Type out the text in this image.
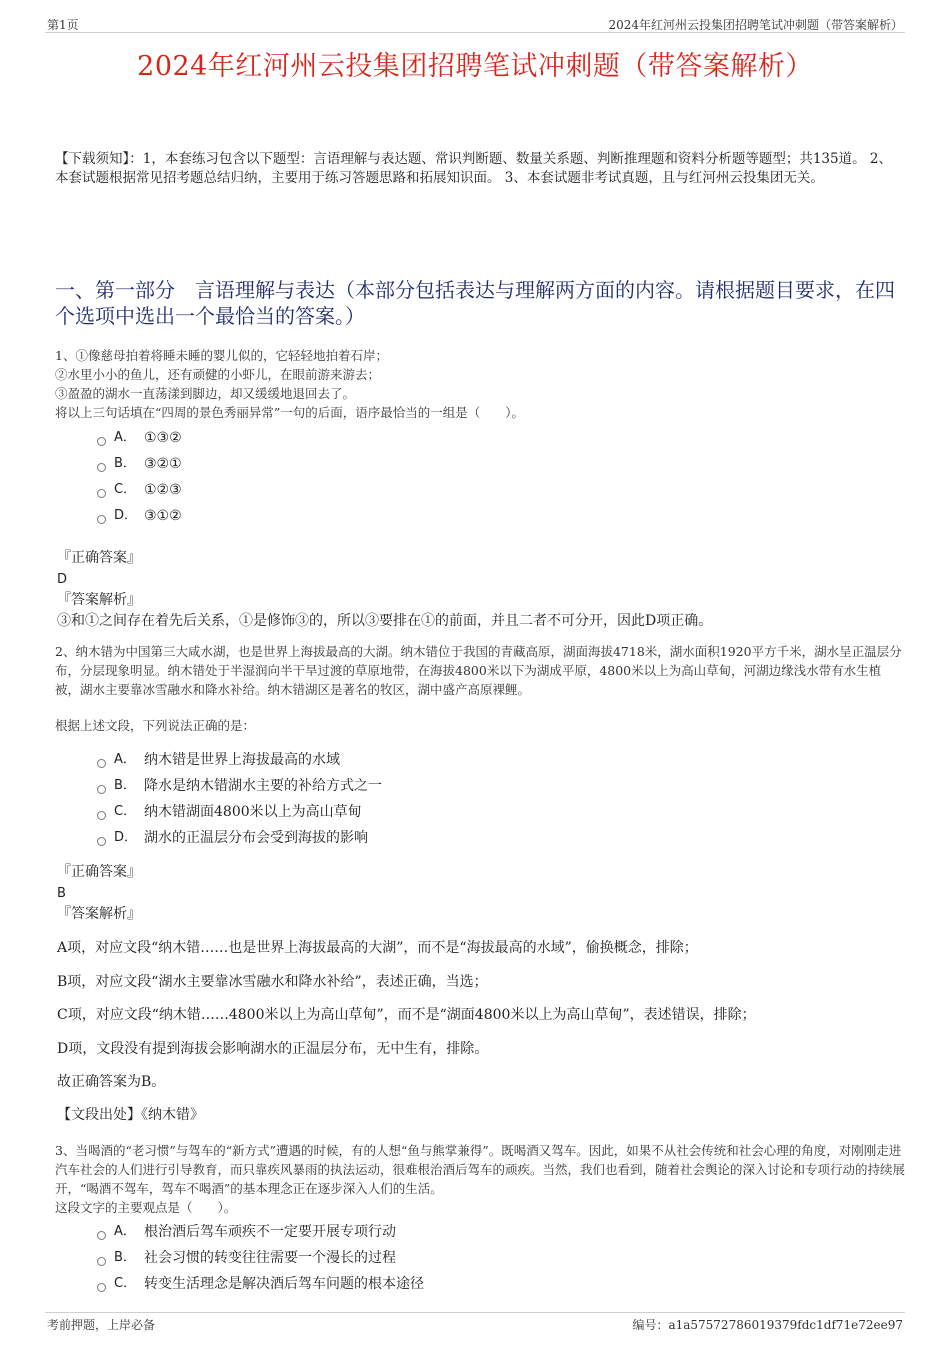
第1页	2024年红河州云投集团招聘笔试冲刺题（带答案解析）
2024年红河州云投集团招聘笔试冲刺题（带答案解析）
【下载须知】：1，本套练习包含以下题型：言语理解与表达题、常识判断题、数量关系题、判断推理题和资料分析题等题型；共135道。 2、本套试题根据常见招考题总结归纳，主要用于练习答题思路和拓展知识面。 3、本套试题非考试真题，且与红河州云投集团无关。
一、第一部分　言语理解与表达（本部分包括表达与理解两方面的内容。请根据题目要求，在四个选项中选出一个最恰当的答案。）

1、①像慈母拍着将睡未睡的婴儿似的，它轻轻地拍着石岸；

②水里小小的鱼儿，还有顽健的小虾儿，在眼前游来游去；

③盈盈的湖水一直荡漾到脚边，却又缓缓地退回去了。

将以上三句话填在“四周的景色秀丽异常”一句的后面，语序最恰当的一组是（　　）。

A． ①③②
B． ③②①
C． ①②③
D． ③①②
『正确答案』
D
『答案解析』
③和①之间存在着先后关系，①是修饰③的，所以③要排在①的前面，并且二者不可分开，因此D项正确。

2、纳木错为中国第三大咸水湖，也是世界上海拔最高的大湖。纳木错位于我国的青藏高原，湖面海拔4718米，湖水面积1920平方千米，湖水呈正温层分布，分层现象明显。纳木错处于半湿润向半干旱过渡的草原地带，在海拔4800米以下为湖成平原，4800米以上为高山草甸，河湖边缘浅水带有水生植被，湖水主要靠冰雪融水和降水补给。纳木错湖区是著名的牧区，湖中盛产高原裸鲤。

根据上述文段，下列说法正确的是：

A． 纳木错是世界上海拔最高的水域
B． 降水是纳木错湖水主要的补给方式之一
C． 纳木错湖面4800米以上为高山草甸
D． 湖水的正温层分布会受到海拔的影响
『正确答案』
B
『答案解析』
A项，对应文段“纳木错……也是世界上海拔最高的大湖”，而不是“海拔最高的水域”，偷换概念，排除；
B项，对应文段“湖水主要靠冰雪融水和降水补给”，表述正确，当选；
C项，对应文段“纳木错……4800米以上为高山草甸”，而不是“湖面4800米以上为高山草甸”，表述错误，排除；
D项，文段没有提到海拔会影响湖水的正温层分布，无中生有，排除。
故正确答案为B。
【文段出处】《纳木错》

3、当喝酒的“老习惯”与驾车的“新方式”遭遇的时候，有的人想“鱼与熊掌兼得”。既喝酒又驾车。因此，如果不从社会传统和社会心理的角度，对刚刚走进汽车社会的人们进行引导教育，而只靠疾风暴雨的执法运动，很难根治酒后驾车的顽疾。当然，我们也看到，随着社会舆论的深入讨论和专项行动的持续展开，“喝酒不驾车，驾车不喝酒”的基本理念正在逐步深入人们的生活。

这段文字的主要观点是（　　）。

A． 根治酒后驾车顽疾不一定要开展专项行动
B． 社会习惯的转变往往需要一个漫长的过程
C． 转变生活理念是解决酒后驾车问题的根本途径
考前押题，上岸必备	编号：a1a57572786019379fdc1df71e72ee97
